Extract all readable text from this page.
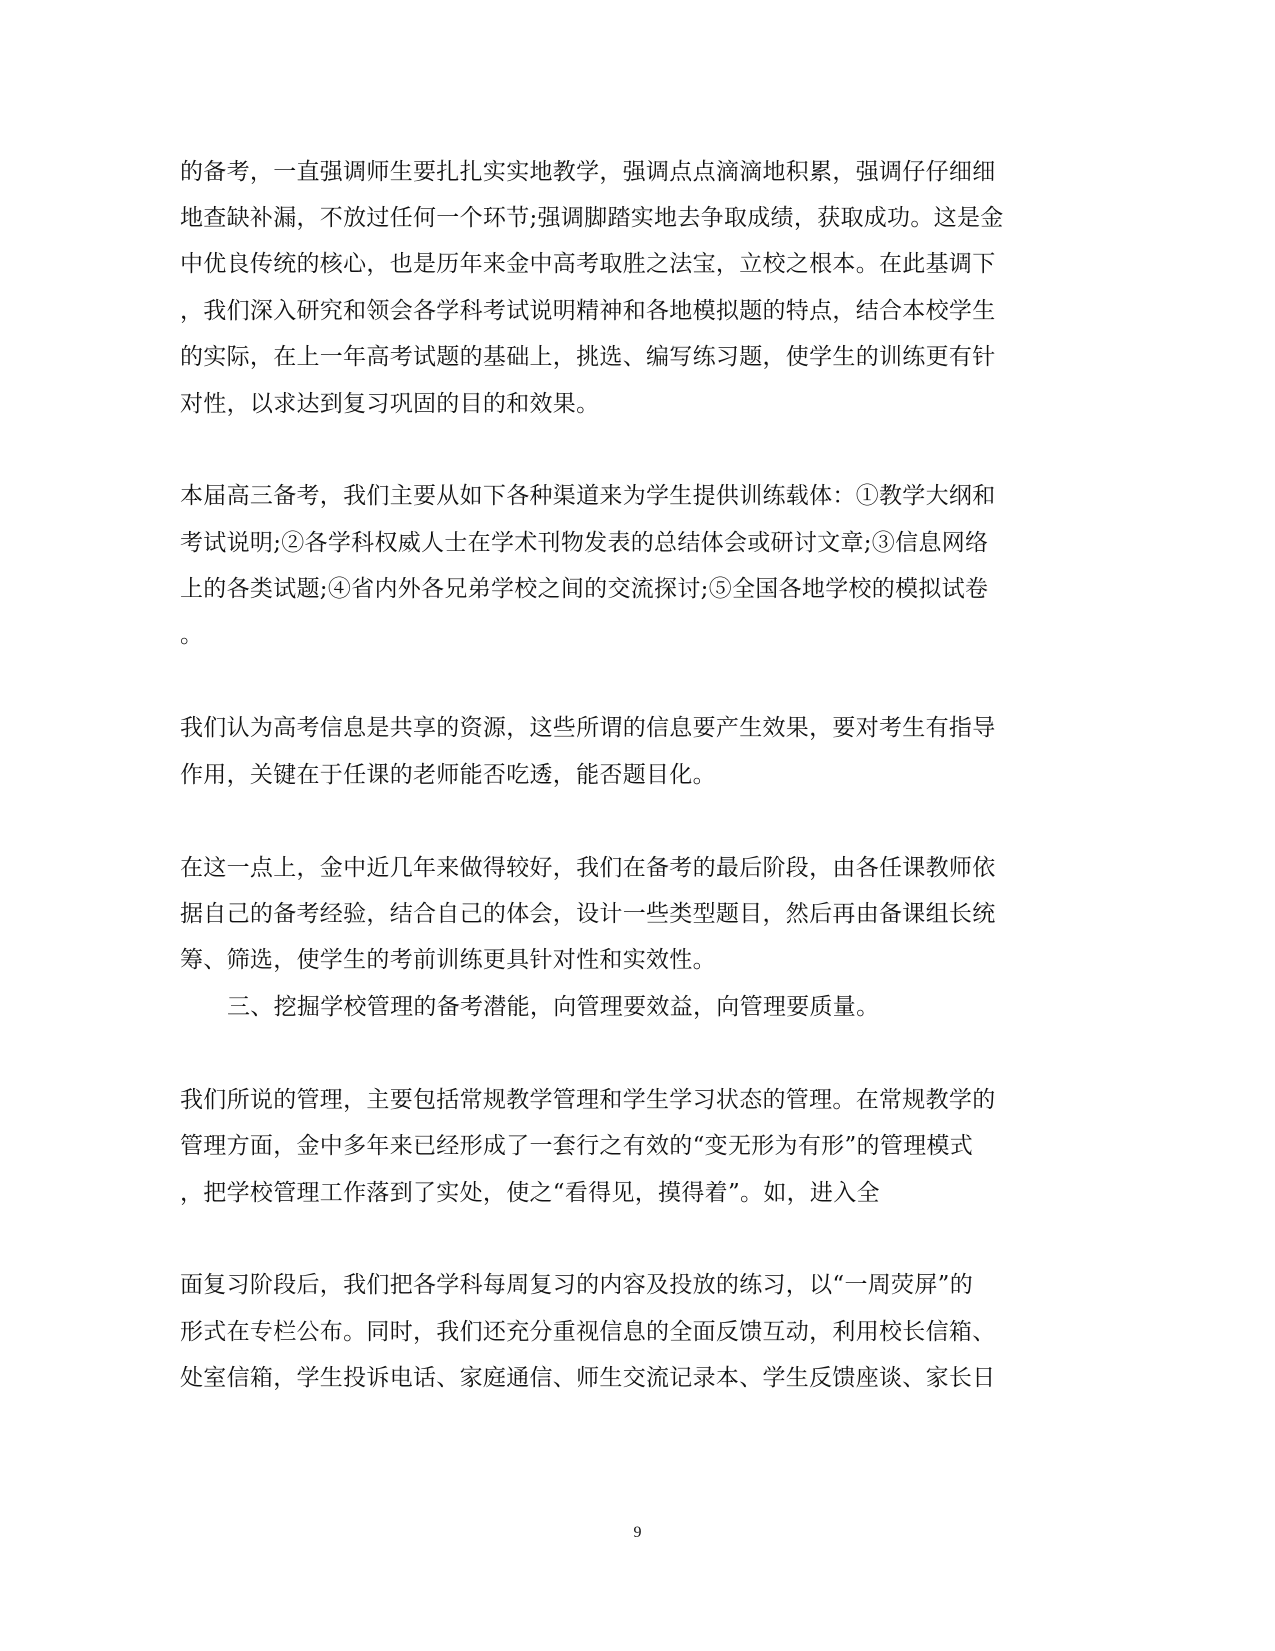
的备考，一直强调师生要扎扎实实地教学，强调点点滴滴地积累，强调仔仔细细
地查缺补漏，不放过任何一个环节;强调脚踏实地去争取成绩，获取成功。这是金
中优良传统的核心，也是历年来金中高考取胜之法宝，立校之根本。在此基调下
，我们深入研究和领会各学科考试说明精神和各地模拟题的特点，结合本校学生
的实际，在上一年高考试题的基础上，挑选、编写练习题，使学生的训练更有针
对性，以求达到复习巩固的目的和效果。
本届高三备考，我们主要从如下各种渠道来为学生提供训练载体：①教学大纲和
考试说明;②各学科权威人士在学术刊物发表的总结体会或研讨文章;③信息网络
上的各类试题;④省内外各兄弟学校之间的交流探讨;⑤全国各地学校的模拟试卷
。
我们认为高考信息是共享的资源，这些所谓的信息要产生效果，要对考生有指导
作用，关键在于任课的老师能否吃透，能否题目化。
在这一点上，金中近几年来做得较好，我们在备考的最后阶段，由各任课教师依
据自己的备考经验，结合自己的体会，设计一些类型题目，然后再由备课组长统
筹、筛选，使学生的考前训练更具针对性和实效性。
三、挖掘学校管理的备考潜能，向管理要效益，向管理要质量。
我们所说的管理，主要包括常规教学管理和学生学习状态的管理。在常规教学的
管理方面，金中多年来已经形成了一套行之有效的“变无形为有形”的管理模式
，把学校管理工作落到了实处，使之“看得见，摸得着”。如，进入全
面复习阶段后，我们把各学科每周复习的内容及投放的练习，以“一周荧屏”的
形式在专栏公布。同时，我们还充分重视信息的全面反馈互动，利用校长信箱、
处室信箱，学生投诉电话、家庭通信、师生交流记录本、学生反馈座谈、家长日
9
